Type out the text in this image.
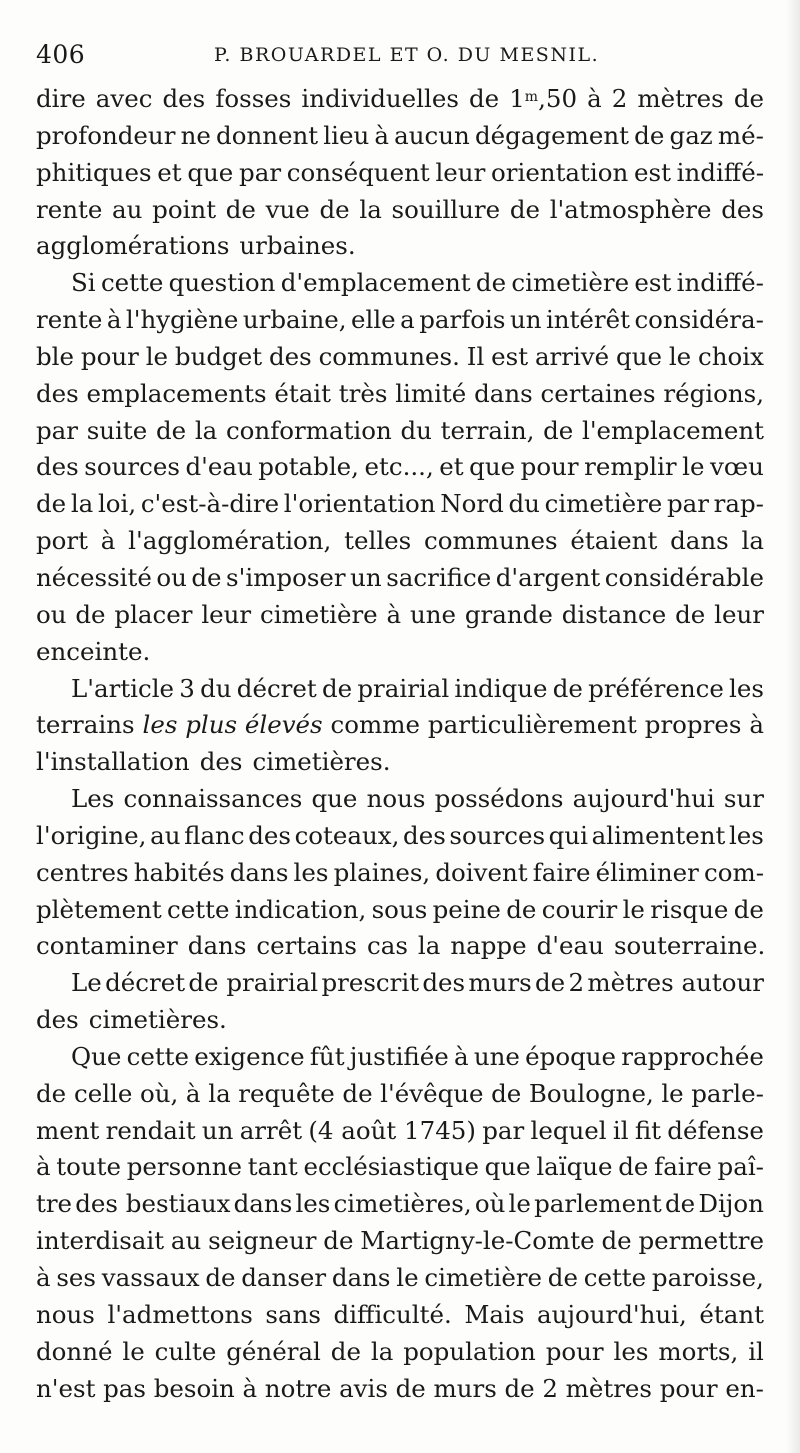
406	P. BROUARDEL ET O. DU MESNIL.
dire avec des fosses individuelles de 1$^m$,50 à 2 mètres de
profondeur ne donnent lieu à aucun dégagement de gaz mé-
phitiques et que par conséquent leur orientation est indiffé-
rente au point de vue de la souillure de l'atmosphère des
agglomérations urbaines.
Si cette question d'emplacement de cimetière est indiffé-
rente à l'hygiène urbaine, elle a parfois un intérêt considéra-
ble pour le budget des communes. Il est arrivé que le choix
des emplacements était très limité dans certaines régions,
par suite de la conformation du terrain, de l'emplacement
des sources d'eau potable, etc..., et que pour remplir le vœu
de la loi, c'est-à-dire l'orientation Nord du cimetière par rap-
port à l'agglomération, telles communes étaient dans la
nécessité ou de s'imposer un sacrifice d'argent considérable
ou de placer leur cimetière à une grande distance de leur
enceinte.
L'article 3 du décret de prairial indique de préférence les
terrains les plus élevés comme particulièrement propres à
l'installation des cimetières.
Les connaissances que nous possédons aujourd'hui sur
l'origine, au flanc des coteaux, des sources qui alimentent les
centres habités dans les plaines, doivent faire éliminer com-
plètement cette indication, sous peine de courir le risque de
contaminer dans certains cas la nappe d'eau souterraine.
Le décret de prairial prescrit des murs de 2 mètres autour
des cimetières.
Que cette exigence fût justifiée à une époque rapprochée
de celle où, à la requête de l'évêque de Boulogne, le parle-
ment rendait un arrêt (4 août 1745) par lequel il fit défense
à toute personne tant ecclésiastique que laïque de faire paî-
tre des bestiaux dans les cimetières, où le parlement de Dijon
interdisait au seigneur de Martigny-le-Comte de permettre
à ses vassaux de danser dans le cimetière de cette paroisse,
nous l'admettons sans difficulté. Mais aujourd'hui, étant
donné le culte général de la population pour les morts, il
n'est pas besoin à notre avis de murs de 2 mètres pour en-
